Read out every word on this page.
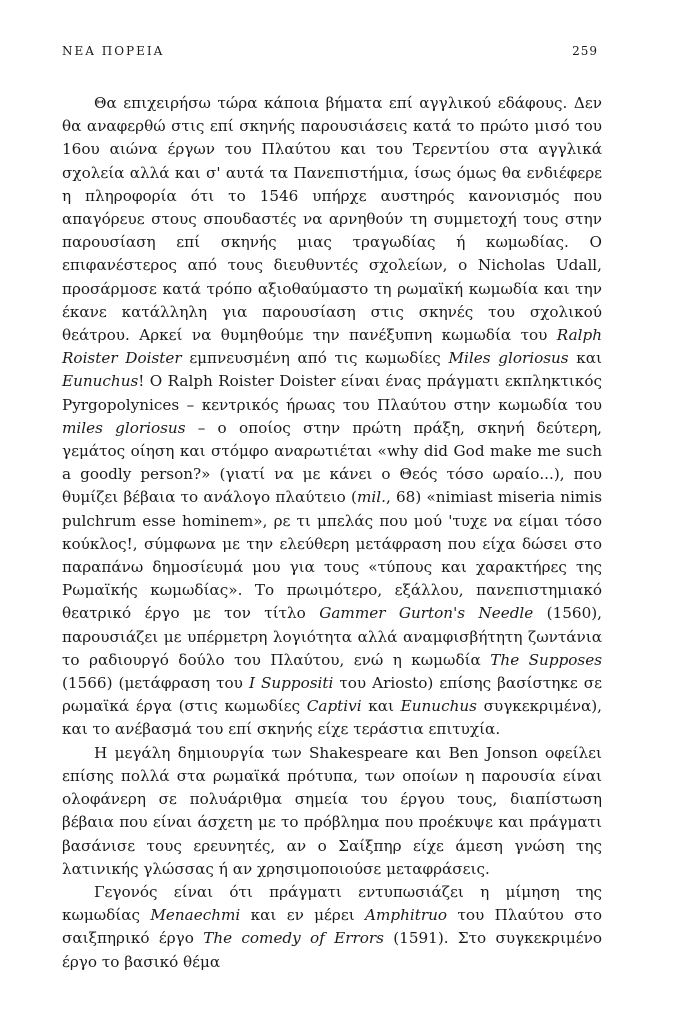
ΝΕΑ ΠΟΡΕΙΑ	259

Θα επιχειρήσω τώρα κάποια βήματα επί αγγλικού εδάφους. Δεν θα αναφερθώ στις επί σκηνής παρουσιάσεις κατά το πρώτο μισό του 16ου αιώνα έργων του Πλαύτου και του Τερεντίου στα αγγλικά σχολεία αλλά και σ' αυτά τα Πανεπιστήμια, ίσως όμως θα ενδιέφερε η πληροφορία ότι το 1546 υπήρχε αυστηρός κανονισμός που απαγόρευε στους σπουδαστές να αρνηθούν τη συμμετοχή τους στην παρουσίαση επί σκηνής μιας τραγωδίας ή κωμωδίας. Ο επιφανέστερος από τους διευθυντές σχολείων, ο Nicholas Udall, προσάρμοσε κατά τρόπο αξιοθαύμαστο τη ρωμαϊκή κωμωδία και την έκανε κατάλληλη για παρουσίαση στις σκηνές του σχολικού θεάτρου. Αρκεί να θυμηθούμε την πανέξυπνη κωμωδία του Ralph Roister Doister εμπνευσμένη από τις κωμωδίες Miles gloriosus και Eunuchus! Ο Ralph Roister Doister είναι ένας πράγματι εκπληκτικός Pyrgopolynices – κεντρικός ήρωας του Πλαύτου στην κωμωδία του miles gloriosus – ο οποίος στην πρώτη πράξη, σκηνή δεύτερη, γεμάτος οίηση και στόμφο αναρωτιέται «why did God make me such a goodly person?» (γιατί να με κάνει ο Θεός τόσο ωραίο...), που θυμίζει βέβαια το ανάλογο πλαύτειο (mil., 68) «nimiast miseria nimis pulchrum esse hominem», ρε τι μπελάς που μού 'τυχε να είμαι τόσο κούκλος!, σύμφωνα με την ελεύθερη μετάφραση που είχα δώσει στο παραπάνω δημοσίευμά μου για τους «τύπους και χαρακτήρες της Ρωμαϊκής κωμωδίας». Το πρωιμότερο, εξάλλου, πανεπιστημιακό θεατρικό έργο με τον τίτλο Gammer Gurton's Needle (1560), παρουσιάζει με υπέρμετρη λογιότητα αλλά αναμφισβήτητη ζωντάνια το ραδιουργό δούλο του Πλαύτου, ενώ η κωμωδία The Supposes (1566) (μετάφραση του I Suppositi του Ariosto) επίσης βασίστηκε σε ρωμαϊκά έργα (στις κωμωδίες Captivi και Eunuchus συγκεκριμένα), και το ανέβασμά του επί σκηνής είχε τεράστια επιτυχία.

Η μεγάλη δημιουργία των Shakespeare και Ben Jonson οφείλει επίσης πολλά στα ρωμαϊκά πρότυπα, των οποίων η παρουσία είναι ολοφάνερη σε πολυάριθμα σημεία του έργου τους, διαπίστωση βέβαια που είναι άσχετη με το πρόβλημα που προέκυψε και πράγματι βασάνισε τους ερευνητές, αν ο Σαίξπηρ είχε άμεση γνώση της λατινικής γλώσσας ή αν χρησιμοποιούσε μεταφράσεις.

Γεγονός είναι ότι πράγματι εντυπωσιάζει η μίμηση της κωμωδίας Menaechmi και εν μέρει Amphitruo του Πλαύτου στο σαιξπηρικό έργο The comedy of Errors (1591). Στο συγκεκριμένο έργο το βασικό θέμα
